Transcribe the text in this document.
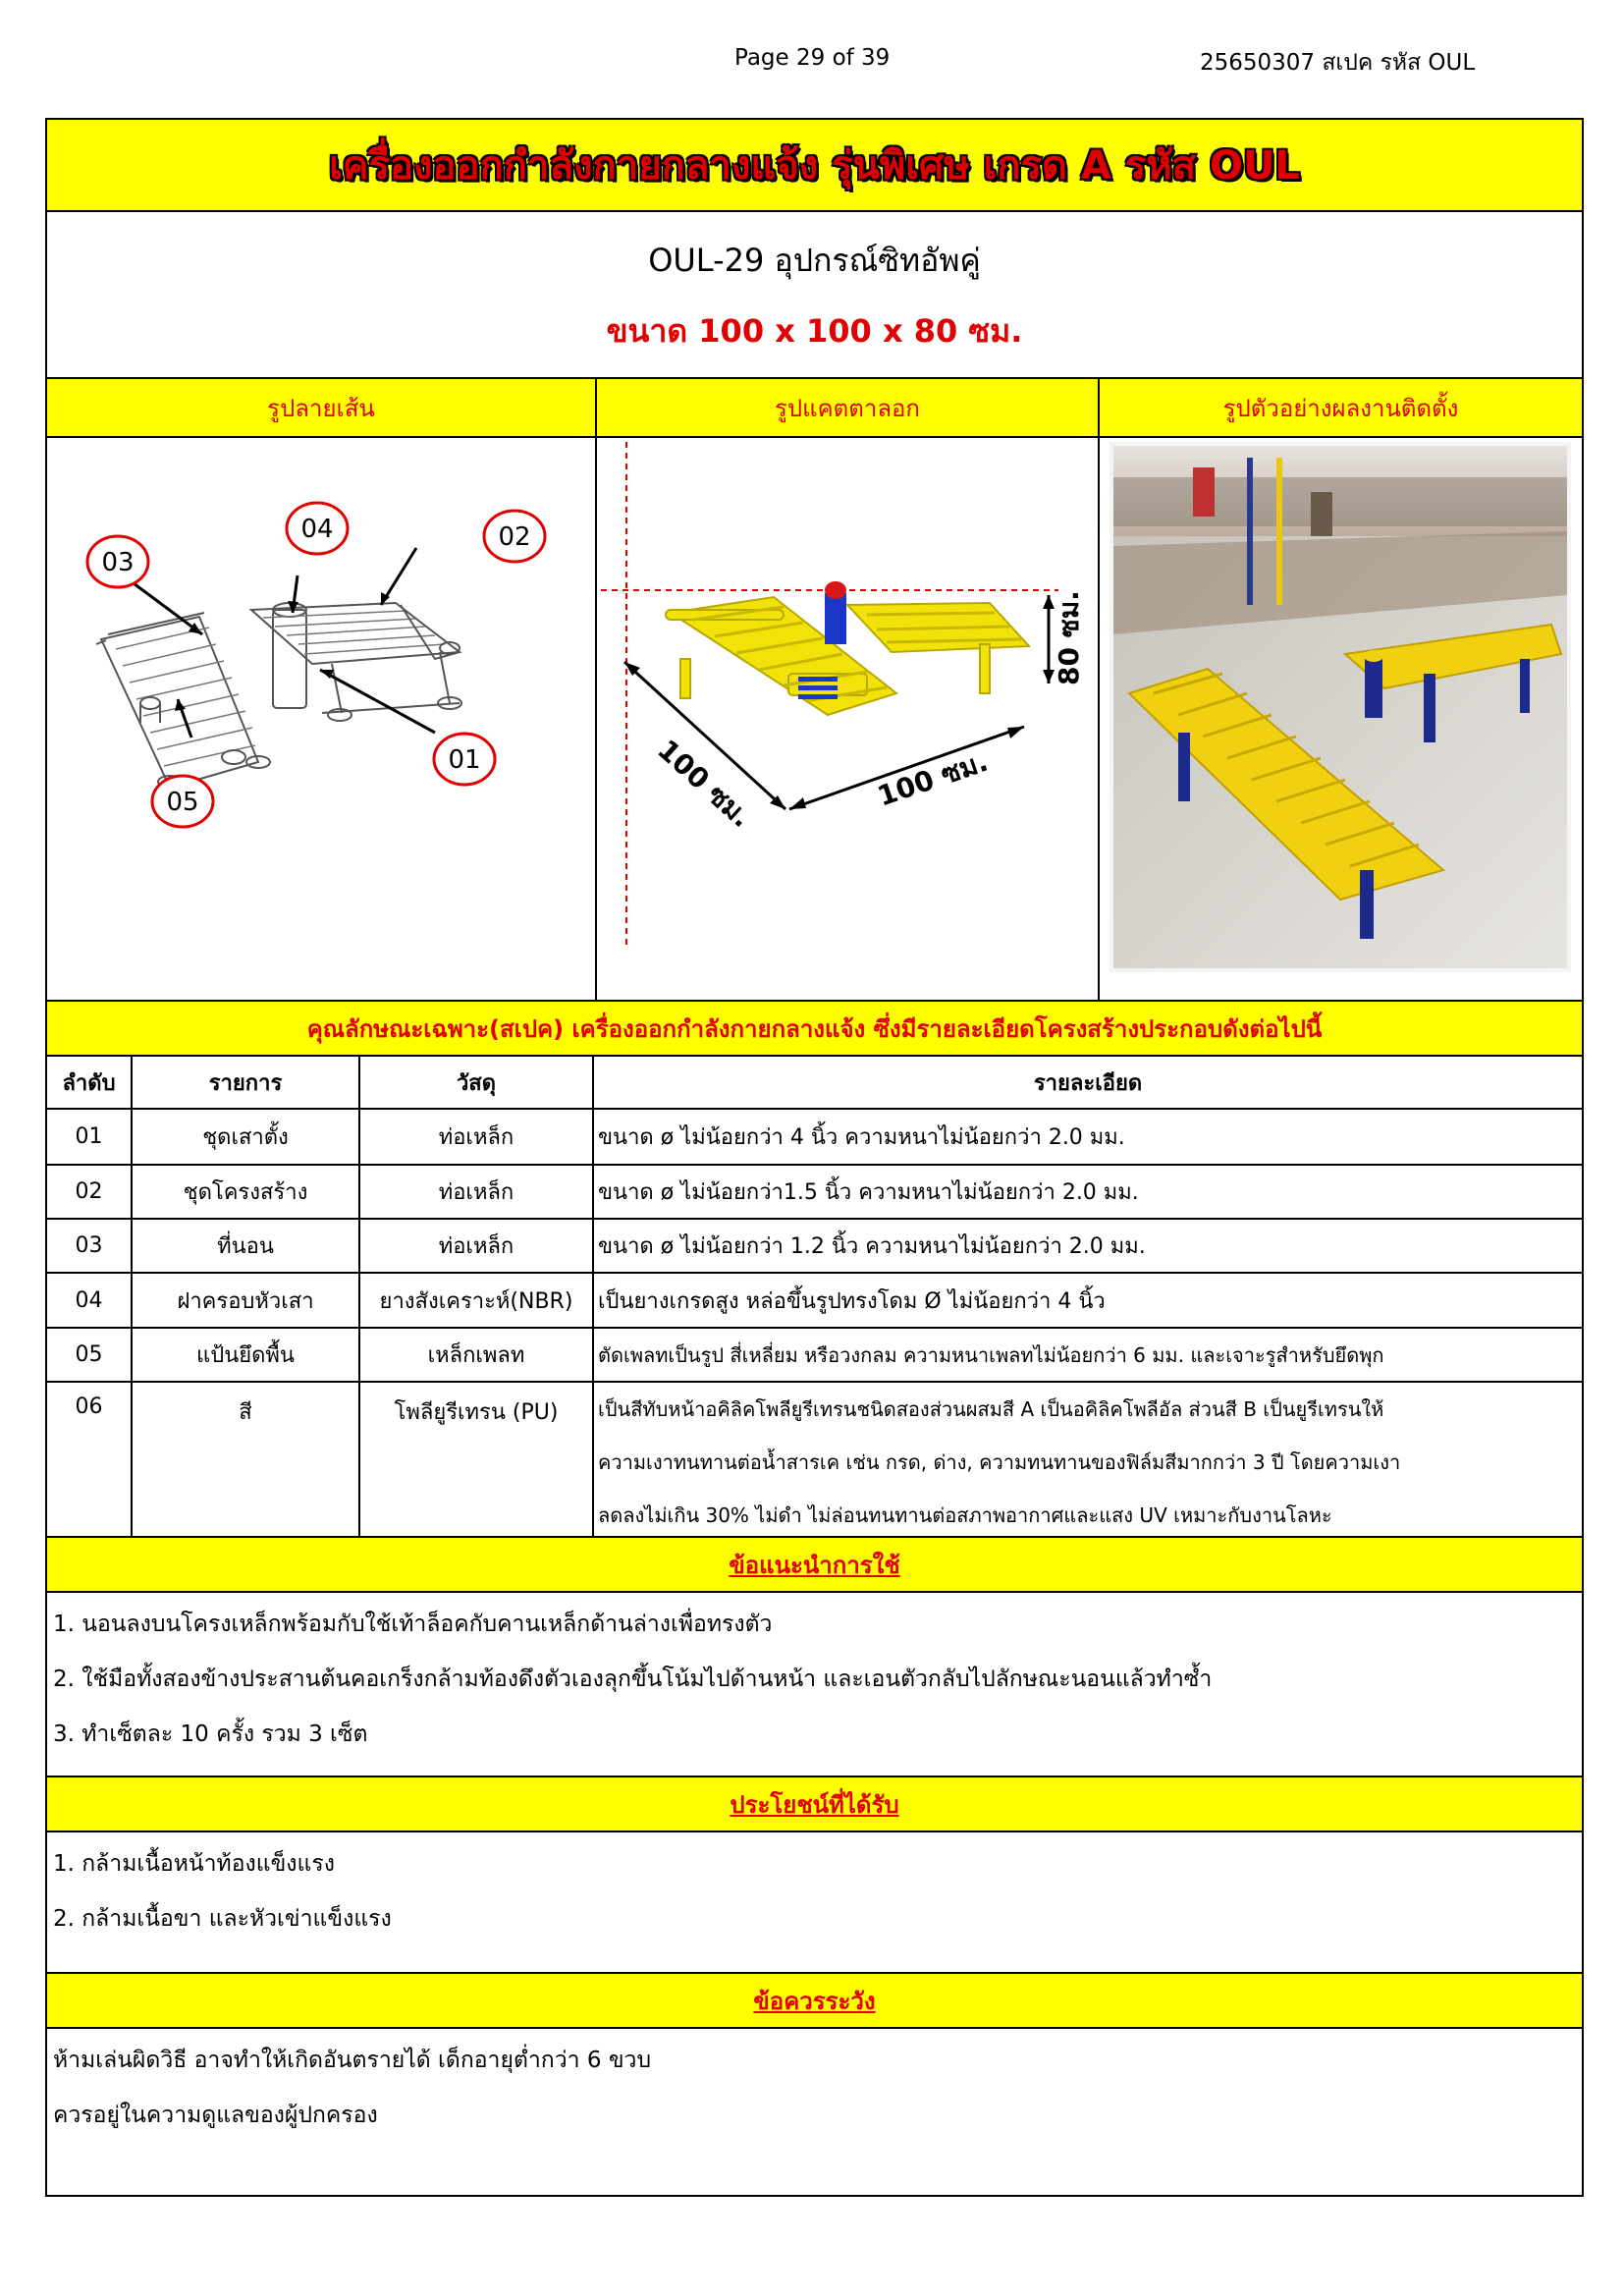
Page 29 of 39	25650307 สเปค รหัส OUL
เครื่องออกกำลังกายกลางแจ้ง รุ่นพิเศษ เกรด A รหัส OUL
OUL-29 อุปกรณ์ซิทอัพคู่
ขนาด 100 x 100 x 80 ซม.
รูปลายเส้น	รูปแคตตาลอก	รูปตัวอย่างผลงานติดตั้ง
03
04	02
01
05	100 ซม.	100 ซม.
80 ซม.
คุณลักษณะเฉพาะ(สเปค) เครื่องออกกำลังกายกลางแจ้ง ซึ่งมีรายละเอียดโครงสร้างประกอบดังต่อไปนี้
ลำดับ	รายการ	วัสดุ	รายละเอียด
01	ชุดเสาตั้ง	ท่อเหล็ก	ขนาด ø ไม่น้อยกว่า 4 นิ้ว ความหนาไม่น้อยกว่า 2.0 มม.
02	ชุดโครงสร้าง	ท่อเหล็ก	ขนาด ø ไม่น้อยกว่า1.5 นิ้ว ความหนาไม่น้อยกว่า 2.0 มม.
03	ที่นอน	ท่อเหล็ก	ขนาด ø ไม่น้อยกว่า 1.2 นิ้ว ความหนาไม่น้อยกว่า 2.0 มม.
04	ฝาครอบหัวเสา	ยางสังเคราะห์(NBR)	เป็นยางเกรดสูง หล่อขึ้นรูปทรงโดม Ø ไม่น้อยกว่า 4 นิ้ว
05	แป้นยึดพื้น	เหล็กเพลท	ตัดเพลทเป็นรูป สี่เหลี่ยม หรือวงกลม ความหนาเพลทไม่น้อยกว่า 6 มม. และเจาะรูสำหรับยึดพุก
06	สี	โพลียูรีเทรน (PU)	เป็นสีทับหน้าอคิลิคโพลียูรีเทรนชนิดสองส่วนผสมสี A เป็นอคิลิคโพลีอัล ส่วนสี B เป็นยูรีเทรนให้
ความเงาทนทานต่อน้ำสารเค เช่น กรด, ด่าง, ความทนทานของฟิล์มสีมากกว่า 3 ปี โดยความเงา
ลดลงไม่เกิน 30% ไม่ดำ ไม่ล่อนทนทานต่อสภาพอากาศและแสง UV เหมาะกับงานโลหะ
ข้อแนะนำการใช้
1. นอนลงบนโครงเหล็กพร้อมกับใช้เท้าล็อคกับคานเหล็กด้านล่างเพื่อทรงตัว
2. ใช้มือทั้งสองข้างประสานต้นคอเกร็งกล้ามท้องดึงตัวเองลุกขึ้นโน้มไปด้านหน้า และเอนตัวกลับไปลักษณะนอนแล้วทำซ้ำ
3. ทำเซ็ตละ 10 ครั้ง รวม 3 เซ็ต
ประโยชน์ที่ได้รับ
1. กล้ามเนื้อหน้าท้องแข็งแรง
2. กล้ามเนื้อขา และหัวเข่าแข็งแรง
ข้อควรระวัง
ห้ามเล่นผิดวิธี อาจทำให้เกิดอันตรายได้ เด็กอายุต่ำกว่า 6 ขวบ
ควรอยู่ในความดูแลของผู้ปกครอง
